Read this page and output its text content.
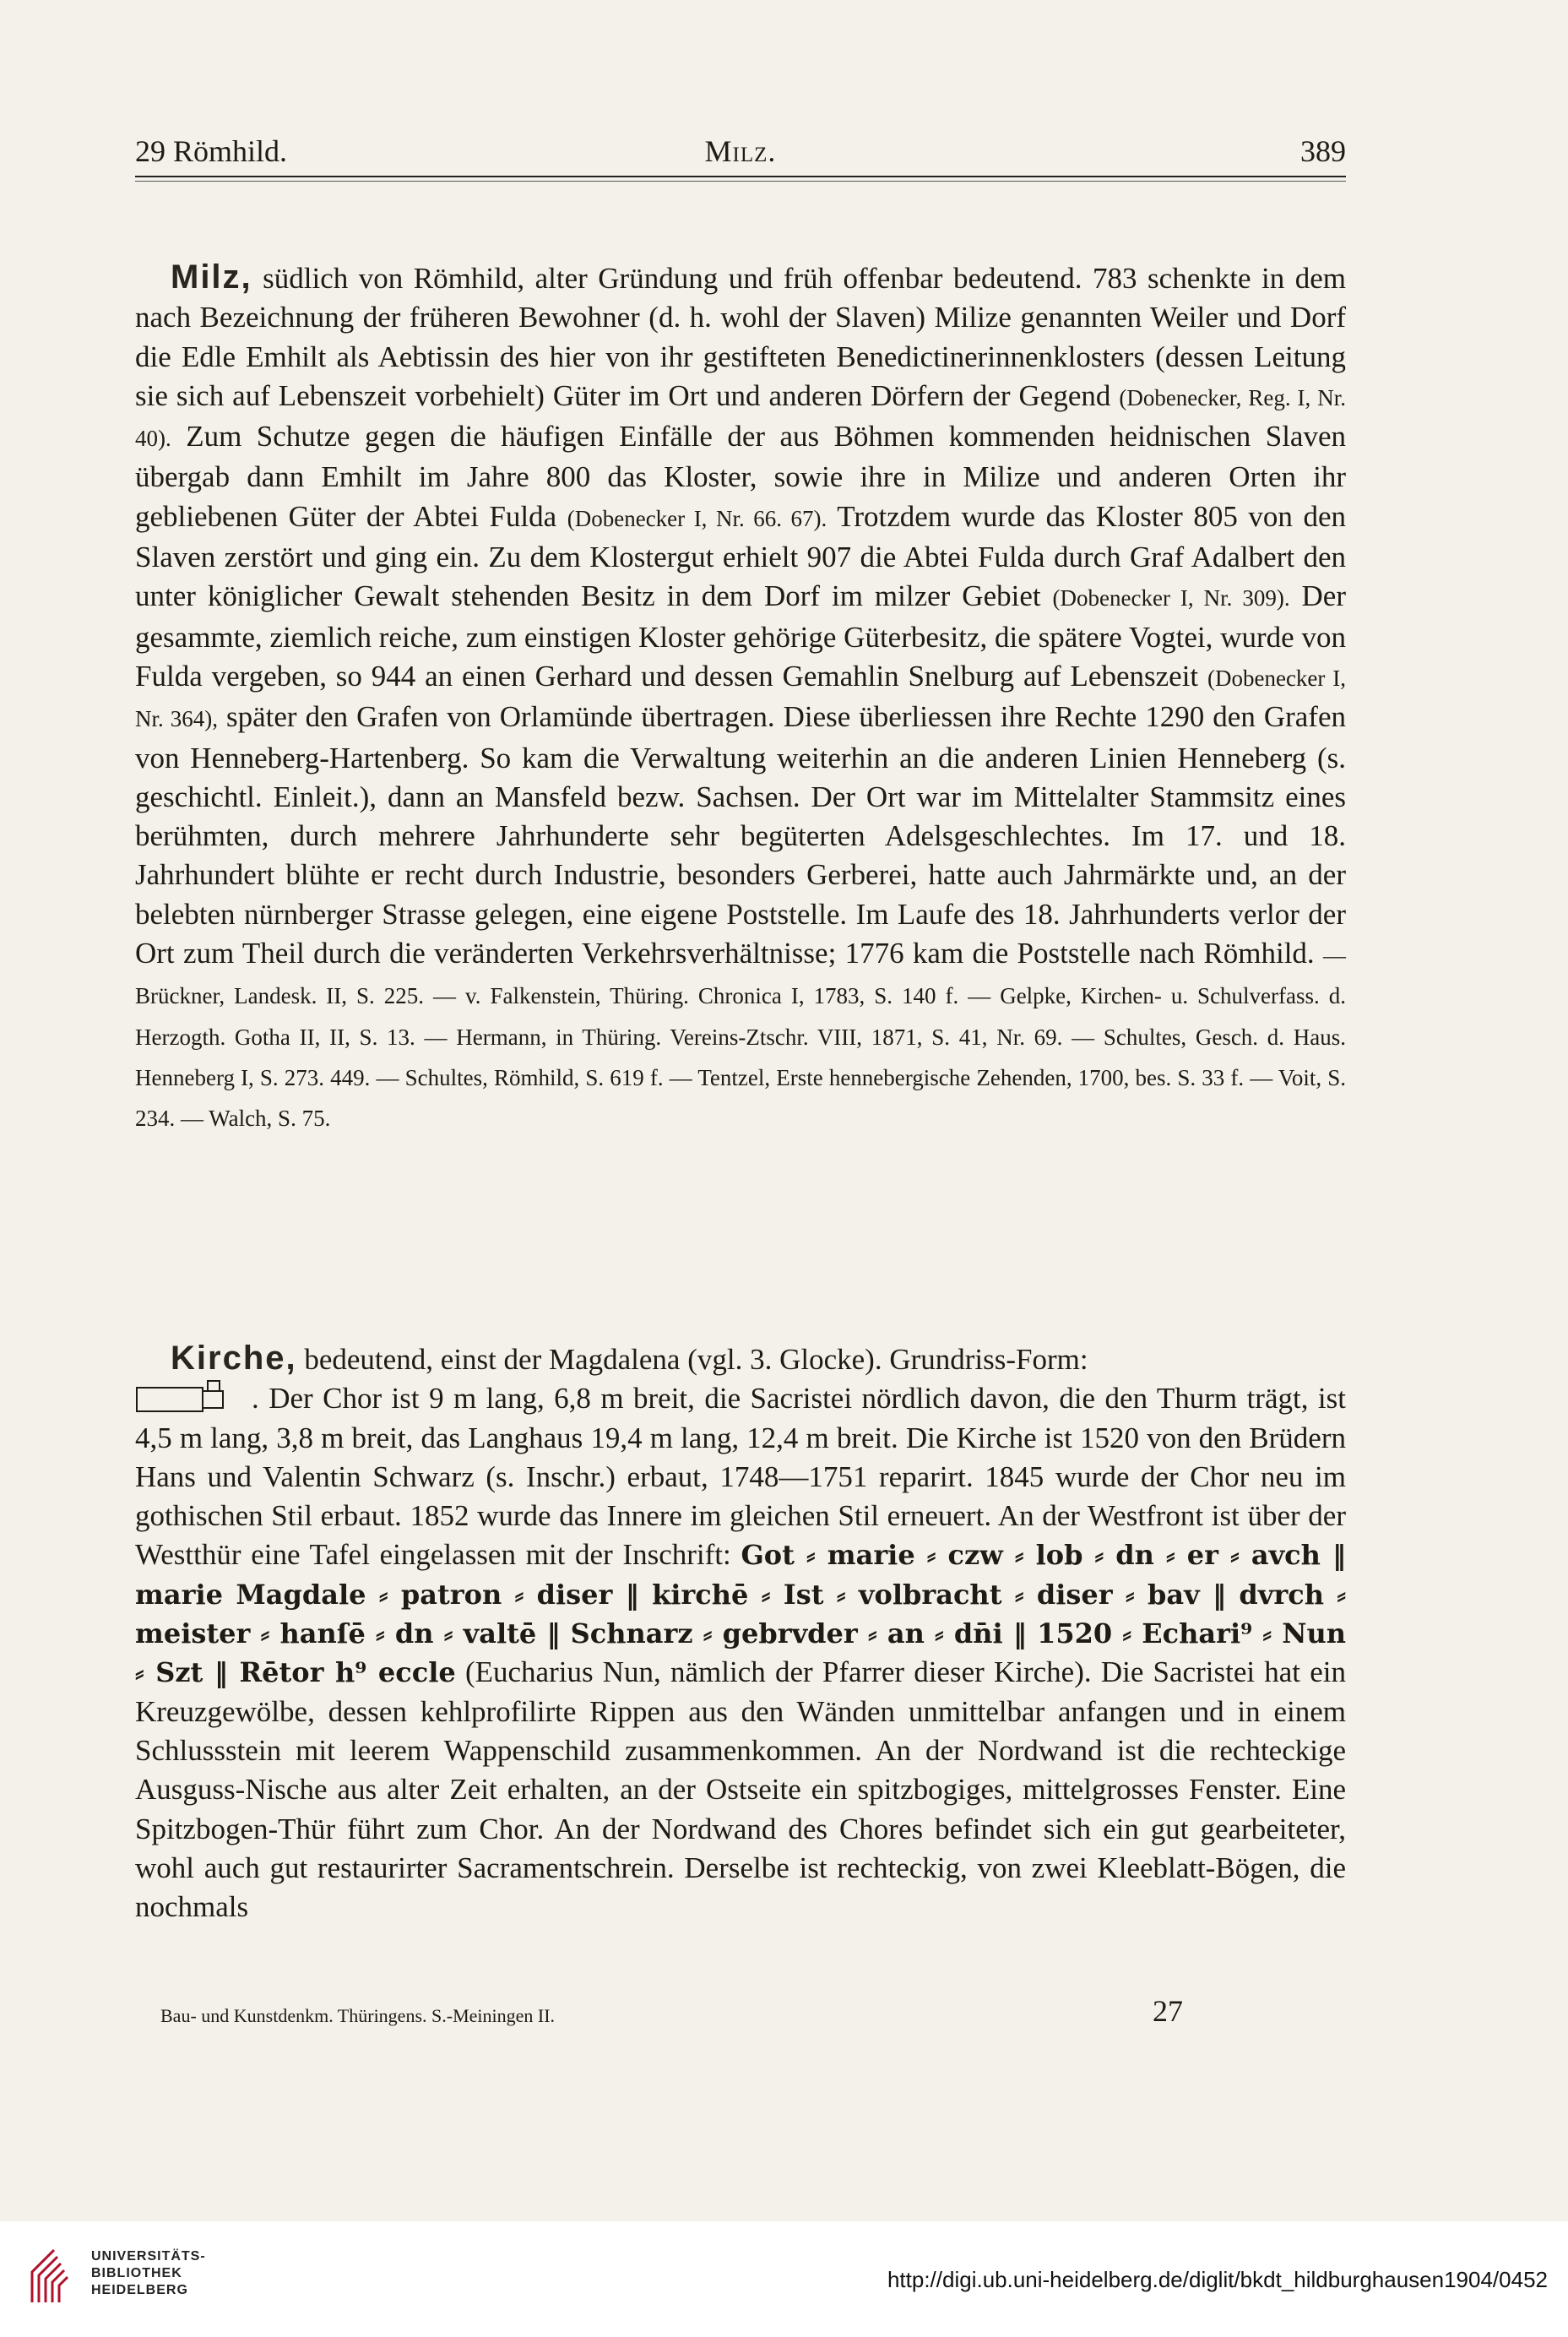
29 Römhild.	Milz.	389

Milz, südlich von Römhild, alter Gründung und früh offenbar bedeutend. 783 schenkte in dem nach Bezeichnung der früheren Bewohner (d. h. wohl der Slaven) Milize genannten Weiler und Dorf die Edle Emhilt als Aebtissin des hier von ihr gestifteten Benedictinerinnenklosters (dessen Leitung sie sich auf Lebenszeit vorbehielt) Güter im Ort und anderen Dörfern der Gegend (Dobenecker, Reg. I, Nr. 40). Zum Schutze gegen die häufigen Einfälle der aus Böhmen kommenden heidnischen Slaven übergab dann Emhilt im Jahre 800 das Kloster, sowie ihre in Milize und anderen Orten ihr gebliebenen Güter der Abtei Fulda (Dobenecker I, Nr. 66. 67). Trotzdem wurde das Kloster 805 von den Slaven zerstört und ging ein. Zu dem Klostergut erhielt 907 die Abtei Fulda durch Graf Adalbert den unter königlicher Gewalt stehenden Besitz in dem Dorf im milzer Gebiet (Dobenecker I, Nr. 309). Der gesammte, ziemlich reiche, zum einstigen Kloster gehörige Güterbesitz, die spätere Vogtei, wurde von Fulda vergeben, so 944 an einen Gerhard und dessen Gemahlin Snelburg auf Lebenszeit (Dobenecker I, Nr. 364), später den Grafen von Orlamünde übertragen. Diese überliessen ihre Rechte 1290 den Grafen von Henneberg-Hartenberg. So kam die Verwaltung weiterhin an die anderen Linien Henneberg (s. geschichtl. Einleit.), dann an Mansfeld bezw. Sachsen. Der Ort war im Mittelalter Stammsitz eines berühmten, durch mehrere Jahrhunderte sehr begüterten Adelsgeschlechtes. Im 17. und 18. Jahrhundert blühte er recht durch Industrie, besonders Gerberei, hatte auch Jahrmärkte und, an der belebten nürnberger Strasse gelegen, eine eigene Poststelle. Im Laufe des 18. Jahrhunderts verlor der Ort zum Theil durch die veränderten Verkehrsverhältnisse; 1776 kam die Poststelle nach Römhild. — Brückner, Landesk. II, S. 225. — v. Falkenstein, Thüring. Chronica I, 1783, S. 140 f. — Gelpke, Kirchen- u. Schulverfass. d. Herzogth. Gotha II, II, S. 13. — Hermann, in Thüring. Vereins-Ztschr. VIII, 1871, S. 41, Nr. 69. — Schultes, Gesch. d. Haus. Henneberg I, S. 273. 449. — Schultes, Römhild, S. 619 f. — Tentzel, Erste hennebergische Zehenden, 1700, bes. S. 33 f. — Voit, S. 234. — Walch, S. 75.

Kirche, bedeutend, einst der Magdalena (vgl. 3. Glocke). Grundriss-Form:
. Der Chor ist 9 m lang, 6,8 m breit, die Sacristei nördlich davon, die den Thurm trägt, ist 4,5 m lang, 3,8 m breit, das Langhaus 19,4 m lang, 12,4 m breit. Die Kirche ist 1520 von den Brüdern Hans und Valentin Schwarz (s. Inschr.) erbaut, 1748—1751 reparirt. 1845 wurde der Chor neu im gothischen Stil erbaut. 1852 wurde das Innere im gleichen Stil erneuert. An der Westfront ist über der Westthür eine Tafel eingelassen mit der Inschrift: Got ⸗ marie ⸗ czw ⸗ lob ⸗ dn ⸗ er ⸗ avch ‖ marie Magdale ⸗ patron ⸗ diser ‖ kirchē ⸗ Ist ⸗ volbracht ⸗ diser ⸗ bav ‖ dvrch ⸗ meister ⸗ hanſē ⸗ dn ⸗ valtē ‖ Schnarz ⸗ gebrvder ⸗ an ⸗ dn̄i ‖ 1520 ⸗ Echari⁹ ⸗ Nun ⸗ Szt ‖ Rētor h⁹ eccle (Eucharius Nun, nämlich der Pfarrer dieser Kirche). Die Sacristei hat ein Kreuzgewölbe, dessen kehlprofilirte Rippen aus den Wänden unmittelbar anfangen und in einem Schlussstein mit leerem Wappenschild zusammenkommen. An der Nordwand ist die rechteckige Ausguss-Nische aus alter Zeit erhalten, an der Ostseite ein spitzbogiges, mittelgrosses Fenster. Eine Spitzbogen-Thür führt zum Chor. An der Nordwand des Chores befindet sich ein gut gearbeiteter, wohl auch gut restaurirter Sacramentschrein. Derselbe ist rechteckig, von zwei Kleeblatt-Bögen, die nochmals

Bau- und Kunstdenkm. Thüringens. S.-Meiningen II.	27
UNIVERSITÄTS-
BIBLIOTHEK
HEIDELBERG	http://digi.ub.uni-heidelberg.de/diglit/bkdt_hildburghausen1904/0452
